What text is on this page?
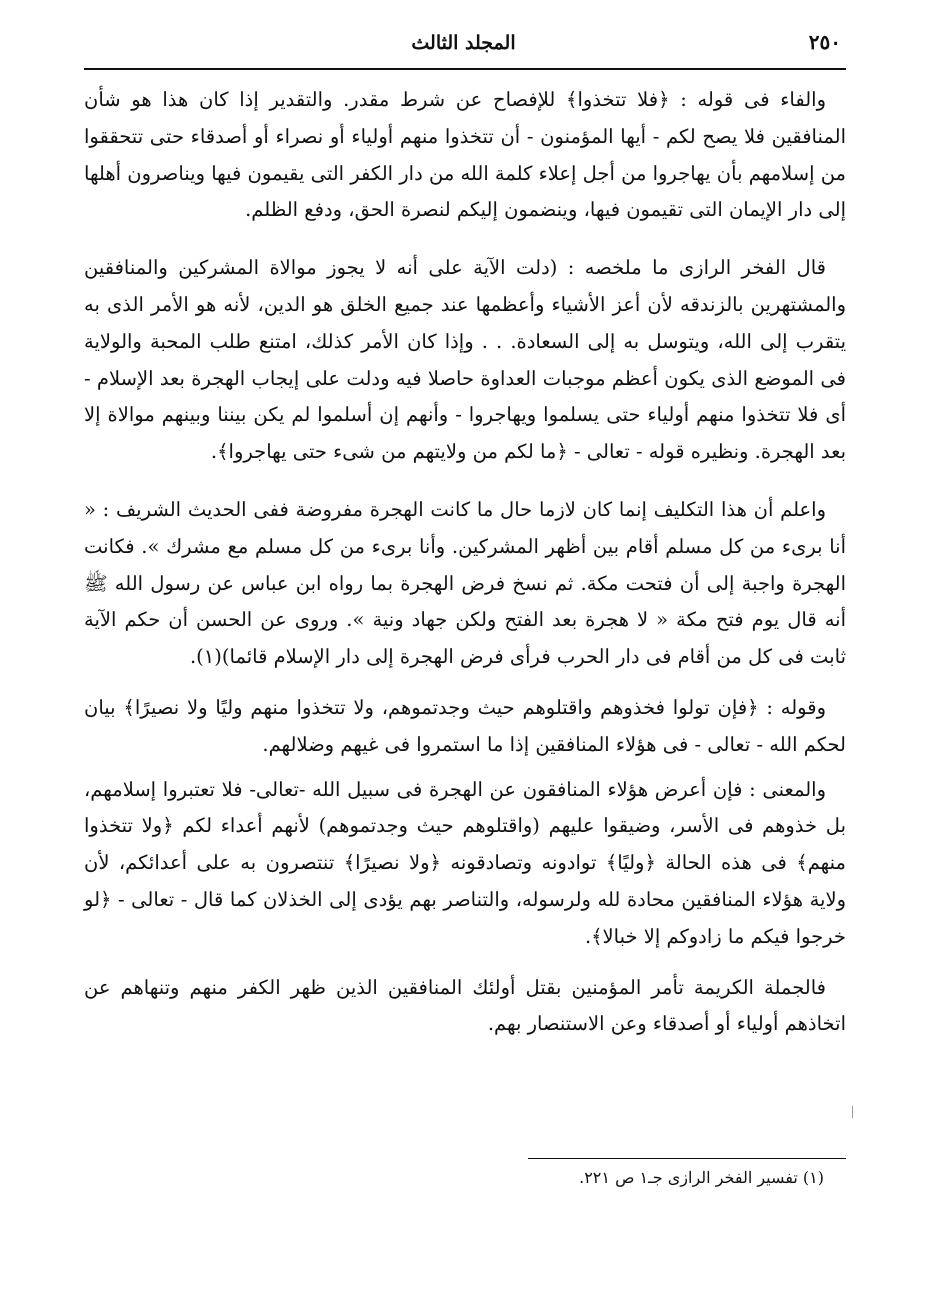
٢٥٠
المجلد الثالث

والفاء فى قوله : ﴿فلا تتخذوا﴾ للإفصاح عن شرط مقدر. والتقدير إذا كان هذا هو شأن المنافقين فلا يصح لكم - أيها المؤمنون - أن تتخذوا منهم أولياء أو نصراء أو أصدقاء حتى تتحققوا من إسلامهم بأن يهاجروا من أجل إعلاء كلمة الله من دار الكفر التى يقيمون فيها ويناصرون أهلها إلى دار الإيمان التى تقيمون فيها، وينضمون إليكم لنصرة الحق، ودفع الظلم.

قال الفخر الرازى ما ملخصه : (دلت الآية على أنه لا يجوز موالاة المشركين والمنافقين والمشتهرين بالزندقه لأن أعز الأشياء وأعظمها عند جميع الخلق هو الدين، لأنه هو الأمر الذى به يتقرب إلى الله، ويتوسل به إلى السعادة. . . وإذا كان الأمر كذلك، امتنع طلب المحبة والولاية فى الموضع الذى يكون أعظم موجبات العداوة حاصلا فيه ودلت على إيجاب الهجرة بعد الإسلام - أى فلا تتخذوا منهم أولياء حتى يسلموا ويهاجروا - وأنهم إن أسلموا لم يكن بيننا وبينهم موالاة إلا بعد الهجرة. ونظيره قوله - تعالى - ﴿ما لكم من ولايتهم من شىء حتى يهاجروا﴾.

واعلم أن هذا التكليف إنما كان لازما حال ما كانت الهجرة مفروضة ففى الحديث الشريف : « أنا برىء من كل مسلم أقام بين أظهر المشركين. وأنا برىء من كل مسلم مع مشرك ». فكانت الهجرة واجبة إلى أن فتحت مكة. ثم نسخ فرض الهجرة بما رواه ابن عباس عن رسول الله ﷺ أنه قال يوم فتح مكة « لا هجرة بعد الفتح ولكن جهاد ونية ». وروى عن الحسن أن حكم الآية ثابت فى كل من أقام فى دار الحرب فرأى فرض الهجرة إلى دار الإسلام قائما)(١).

وقوله : ﴿فإن تولوا فخذوهم واقتلوهم حيث وجدتموهم، ولا تتخذوا منهم وليًا ولا نصيرًا﴾ بيان لحكم الله - تعالى - فى هؤلاء المنافقين إذا ما استمروا فى غيهم وضلالهم.

والمعنى : فإن أعرض هؤلاء المنافقون عن الهجرة فى سبيل الله -تعالى- فلا تعتبروا إسلامهم، بل خذوهم فى الأسر، وضيقوا عليهم (واقتلوهم حيث وجدتموهم) لأنهم أعداء لكم ﴿ولا تتخذوا منهم﴾ فى هذه الحالة ﴿وليًا﴾ توادونه وتصادقونه ﴿ولا نصيرًا﴾ تنتصرون به على أعدائكم، لأن ولاية هؤلاء المنافقين محادة لله ولرسوله، والتناصر بهم يؤدى إلى الخذلان كما قال - تعالى - ﴿لو خرجوا فيكم ما زادوكم إلا خبالا﴾.

فالجملة الكريمة تأمر المؤمنين بقتل أولئك المنافقين الذين ظهر الكفر منهم وتنهاهم عن اتخاذهم أولياء أو أصدقاء وعن الاستنصار بهم.

(١) تفسير الفخر الرازى جـ١ ص ٢٢١.
